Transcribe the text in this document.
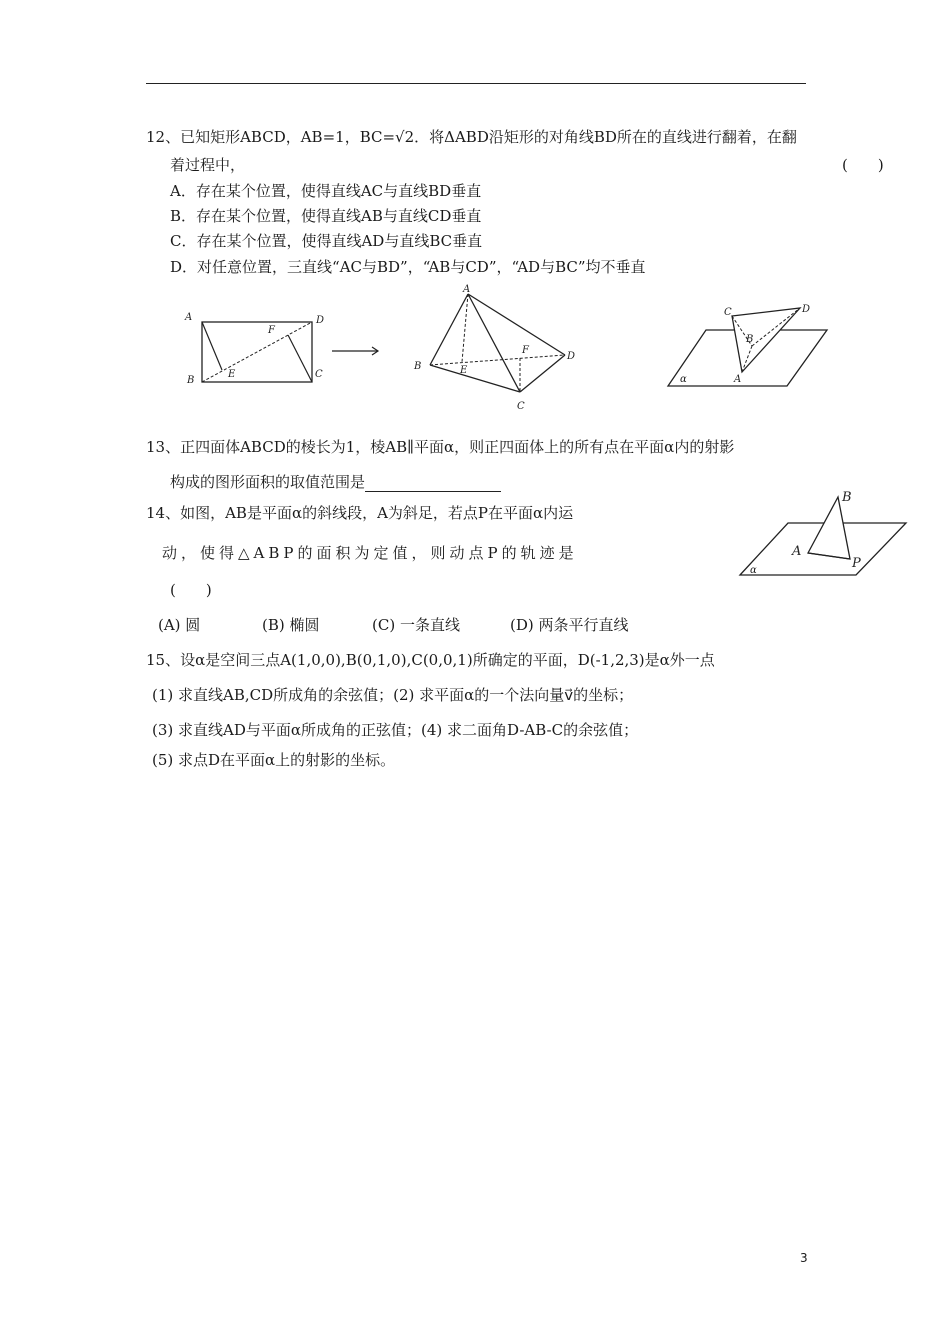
12、已知矩形ABCD，AB=1，BC=√2．将ΔABD沿矩形的对角线BD所在的直线进行翻着，在翻
着过程中，	(　　)
A．存在某个位置，使得直线AC与直线BD垂直
B．存在某个位置，使得直线AB与直线CD垂直
C．存在某个位置，使得直线AD与直线BC垂直
D．对任意位置，三直线“AC与BD”，“AB与CD”，“AD与BC”均不垂直
A
B
C
D
E
F
A
B
C
D
E
F
C	D
B
A
α
13、正四面体ABCD的棱长为1，棱AB∥平面α，则正四面体上的所有点在平面α内的射影
构成的图形面积的取值范围是
14、如图，AB是平面α的斜线段，A为斜足，若点P在平面α内运
动，使得△ABP的面积为定值，则动点P的轨迹是
(　　)
(A) 圆	(B) 椭圆	(C) 一条直线	(D) 两条平行直线
B
A
P
α
15、设α是空间三点A(1,0,0),B(0,1,0),C(0,0,1)所确定的平面，D(-1,2,3)是α外一点
(1) 求直线AB,CD所成角的余弦值；(2) 求平面α的一个法向量v⃗的坐标；
(3) 求直线AD与平面α所成角的正弦值；(4) 求二面角D-AB-C的余弦值；
(5) 求点D在平面α上的射影的坐标。
3
